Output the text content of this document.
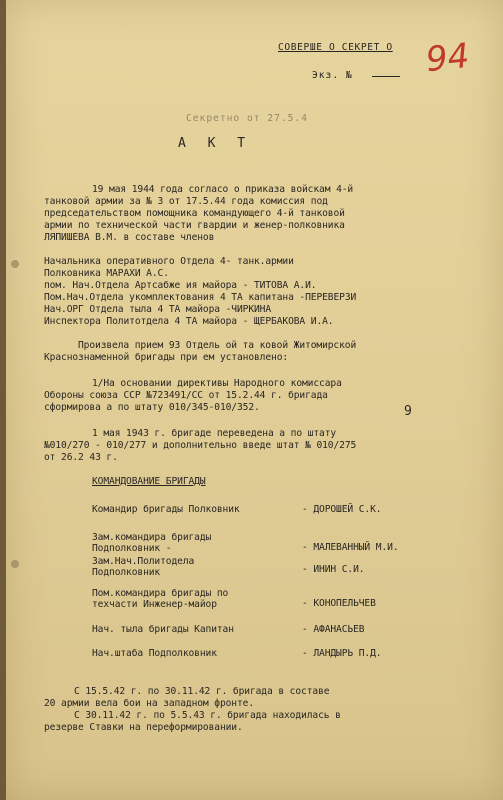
СОВЕРШЕ О СЕКРЕТ О 94
Экз. №
Секретно от 27.5.4
А К Т
19 мая 1944 года согласо о приказа войскам 4-й
танковой армии за № 3 от 17.5.44 года комиссия под
председательством помощника командующего 4-й танковой
армии по технической части гвардии и женер-полковника
ЛЯПИШЕВА В.М. в составе членов
Начальника оперативного Отдела 4- танк.армии
Полковника МАРАХИ А.С.
пом. Нач.Отдела Артсабже ия майора - ТИТОВА А.И.
Пом.Нач.Отдела укомплектования 4 ТА капитана -ПЕРЕВЕРЗИ
Нач.ОРГ Отдела тыла 4 ТА майора -ЧИРКИНА
Инспектора Политотдела 4 ТА майора - ЩЕРБАКОВА И.А.
Произвела прием 93 Отдель ой та ковой Житомирской
Краснознаменной бригады при ем установлено:
1/На основании директивы Народного комиссара
Обороны союза ССР №723491/СС от 15.2.44 г. бригада
сформирова а по штату 010/345-010/352.	9
1 мая 1943 г. бригаде переведена а по штату
№010/270 - 010/277 и дополнительно введе штат № 010/275
от 26.2 43 г.
КОМАНДОВАНИЕ БРИГАДЫ
Командир бригады Полковник	- ДОРОШЕЙ С.К.
Зам.командира бригады
Подполковник -	- МАЛЕВАННЫЙ М.И.
Зам.Нач.Политодела
Подполковник	- ИНИН С.И.
Пом.командира бригады по
техчасти Инженер-майор	- КОНОПЕЛЬЧЕВ
Нач. тыла бригады Капитан	- АФАНАСЬЕВ
Нач.штаба Подполковник	- ЛАНДЫРЬ П.Д.
С 15.5.42 г. по 30.11.42 г. бригада в составе
20 армии вела бои на западном фронте.
С 30.11.42 г. по 5.5.43 г. бригада находилась в
резерве Ставки на переформировании.
